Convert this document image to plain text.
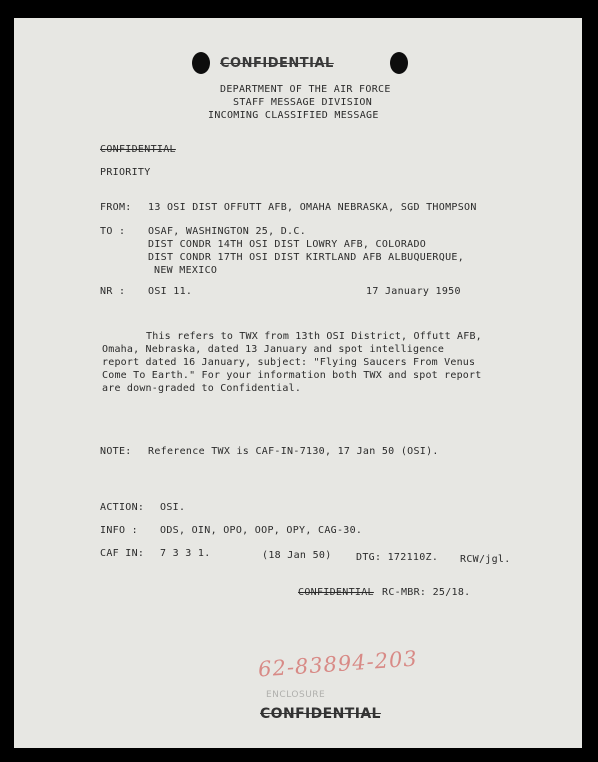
CONFIDENTIAL
DEPARTMENT OF THE AIR FORCE
STAFF MESSAGE DIVISION
INCOMING CLASSIFIED MESSAGE
CONFIDENTIAL
PRIORITY
FROM: 13 OSI DIST OFFUTT AFB, OMAHA NEBRASKA, SGD THOMPSON
TO : OSAF, WASHINGTON 25, D.C.
DIST CONDR 14TH OSI DIST LOWRY AFB, COLORADO
DIST CONDR 17TH OSI DIST KIRTLAND AFB ALBUQUERQUE,
NEW MEXICO
NR : OSI 11.	17 January 1950
This refers to TWX from 13th OSI District, Offutt AFB, Omaha, Nebraska, dated 13 January and spot intelligence report dated 16 January, subject: "Flying Saucers From Venus Come To Earth." For your information both TWX and spot report are down-graded to Confidential.
NOTE: Reference TWX is CAF-IN-7130, 17 Jan 50 (OSI).
ACTION: OSI.
INFO : ODS, OIN, OPO, OOP, OPY, CAG-30.
CAF IN: 7 3 3 1.	(18 Jan 50) DTG: 172110Z. RCW/jgl.
CONFIDENTIAL RC-MBR: 25/18.
62-83894-203
ENCLOSURE
CONFIDENTIAL
